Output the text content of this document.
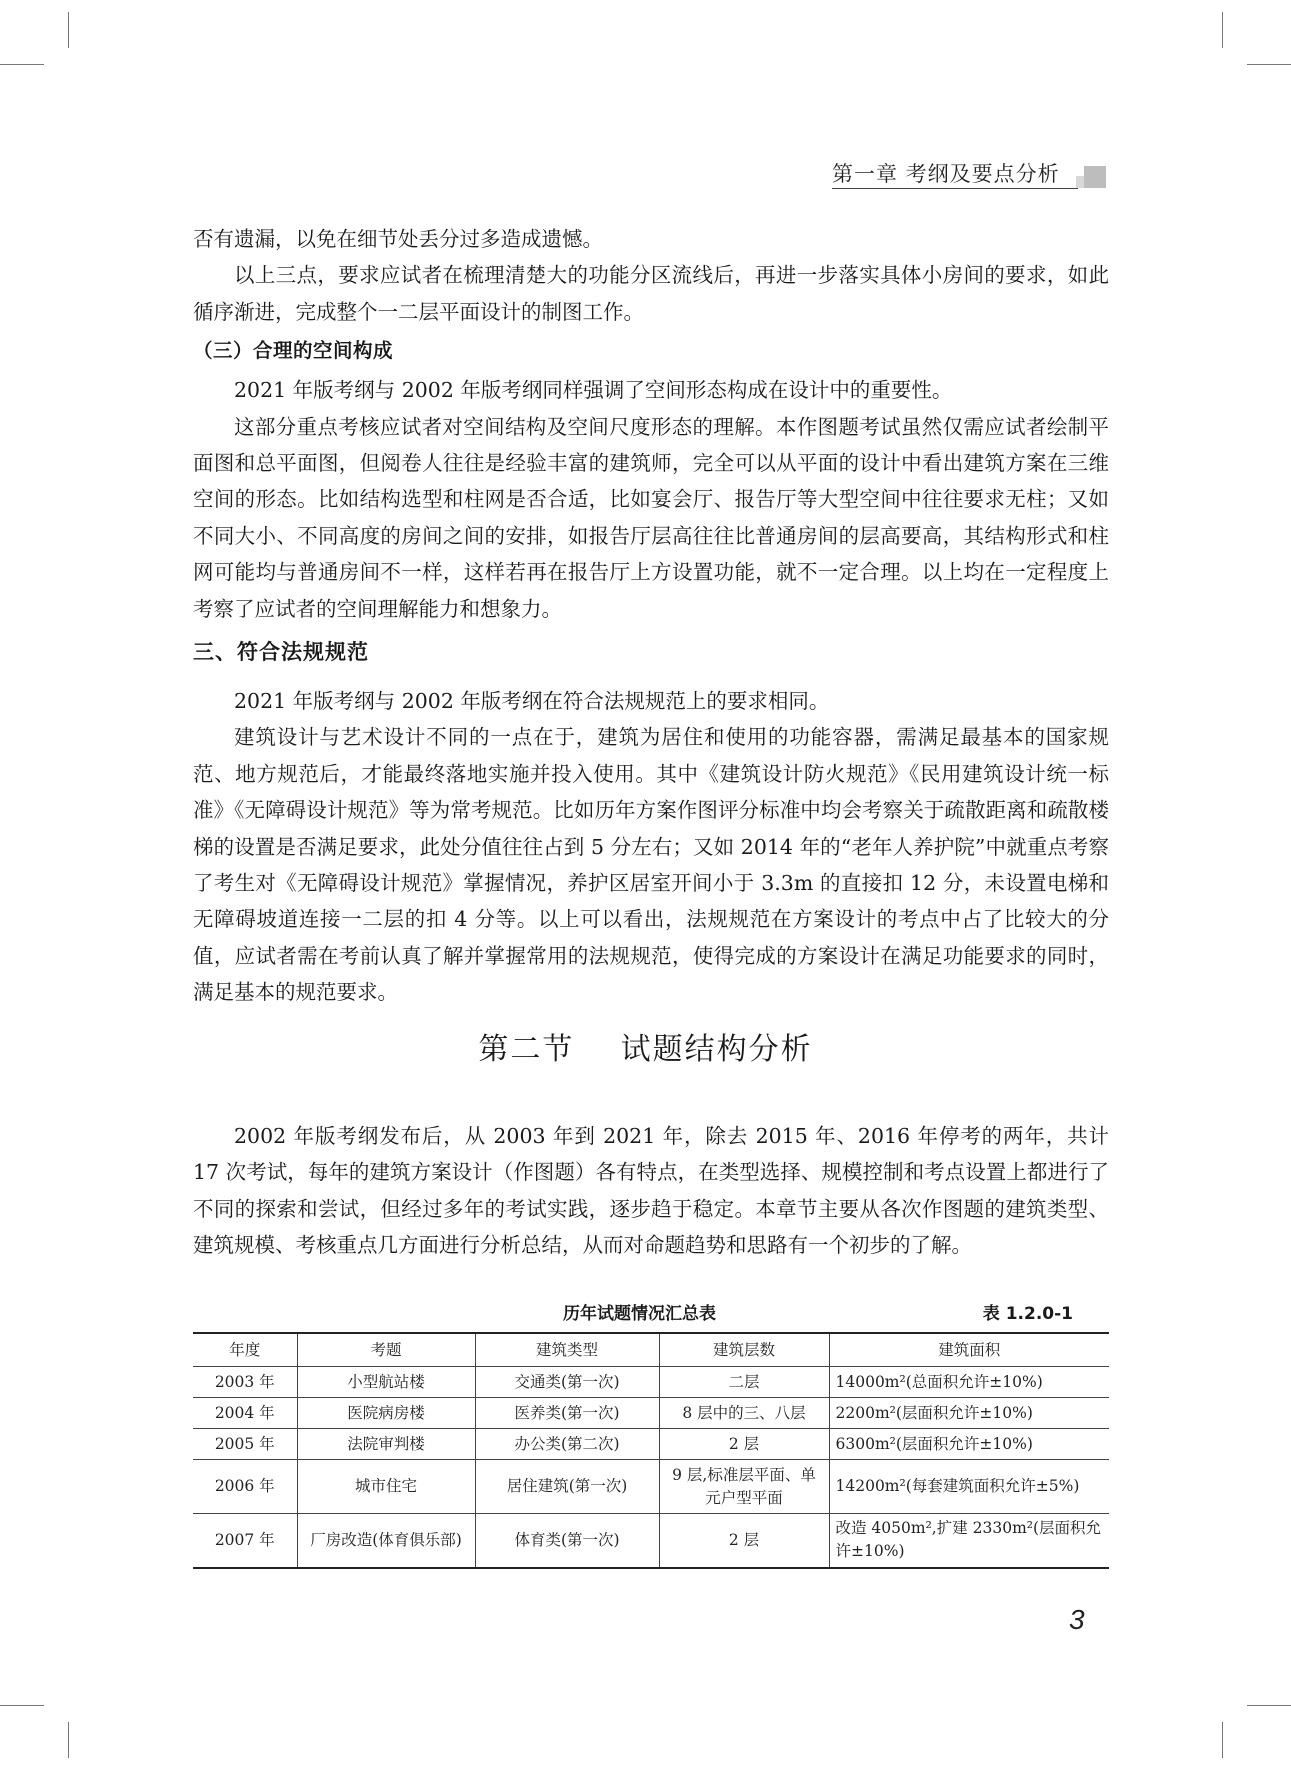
第一章 考纲及要点分析

否有遗漏，以免在细节处丢分过多造成遗憾。

以上三点，要求应试者在梳理清楚大的功能分区流线后，再进一步落实具体小房间的要求，如此循序渐进，完成整个一二层平面设计的制图工作。

（三）合理的空间构成

2021 年版考纲与 2002 年版考纲同样强调了空间形态构成在设计中的重要性。

这部分重点考核应试者对空间结构及空间尺度形态的理解。本作图题考试虽然仅需应试者绘制平面图和总平面图，但阅卷人往往是经验丰富的建筑师，完全可以从平面的设计中看出建筑方案在三维空间的形态。比如结构选型和柱网是否合适，比如宴会厅、报告厅等大型空间中往往要求无柱；又如不同大小、不同高度的房间之间的安排，如报告厅层高往往比普通房间的层高要高，其结构形式和柱网可能均与普通房间不一样，这样若再在报告厅上方设置功能，就不一定合理。以上均在一定程度上考察了应试者的空间理解能力和想象力。

三、符合法规规范

2021 年版考纲与 2002 年版考纲在符合法规规范上的要求相同。

建筑设计与艺术设计不同的一点在于，建筑为居住和使用的功能容器，需满足最基本的国家规范、地方规范后，才能最终落地实施并投入使用。其中《建筑设计防火规范》《民用建筑设计统一标准》《无障碍设计规范》等为常考规范。比如历年方案作图评分标准中均会考察关于疏散距离和疏散楼梯的设置是否满足要求，此处分值往往占到 5 分左右；又如 2014 年的“老年人养护院”中就重点考察了考生对《无障碍设计规范》掌握情况，养护区居室开间小于 3.3m 的直接扣 12 分，未设置电梯和无障碍坡道连接一二层的扣 4 分等。以上可以看出，法规规范在方案设计的考点中占了比较大的分值，应试者需在考前认真了解并掌握常用的法规规范，使得完成的方案设计在满足功能要求的同时，满足基本的规范要求。

第二节    试题结构分析

2002 年版考纲发布后，从 2003 年到 2021 年，除去 2015 年、2016 年停考的两年，共计 17 次考试，每年的建筑方案设计（作图题）各有特点，在类型选择、规模控制和考点设置上都进行了不同的探索和尝试，但经过多年的考试实践，逐步趋于稳定。本章节主要从各次作图题的建筑类型、建筑规模、考核重点几方面进行分析总结，从而对命题趋势和思路有一个初步的了解。

历年试题情况汇总表	表 1.2.0-1
年度	考题	建筑类型	建筑层数	建筑面积
2003 年	小型航站楼	交通类(第一次)	二层	14000m²(总面积允许±10%)
2004 年	医院病房楼	医养类(第一次)	8 层中的三、八层	2200m²(层面积允许±10%)
2005 年	法院审判楼	办公类(第二次)	2 层	6300m²(层面积允许±10%)
2006 年	城市住宅	居住建筑(第一次)	9 层,标准层平面、单元户型平面	14200m²(每套建筑面积允许±5%)
2007 年	厂房改造(体育俱乐部)	体育类(第一次)	2 层	改造 4050m²,扩建 2330m²(层面积允许±10%)
3
